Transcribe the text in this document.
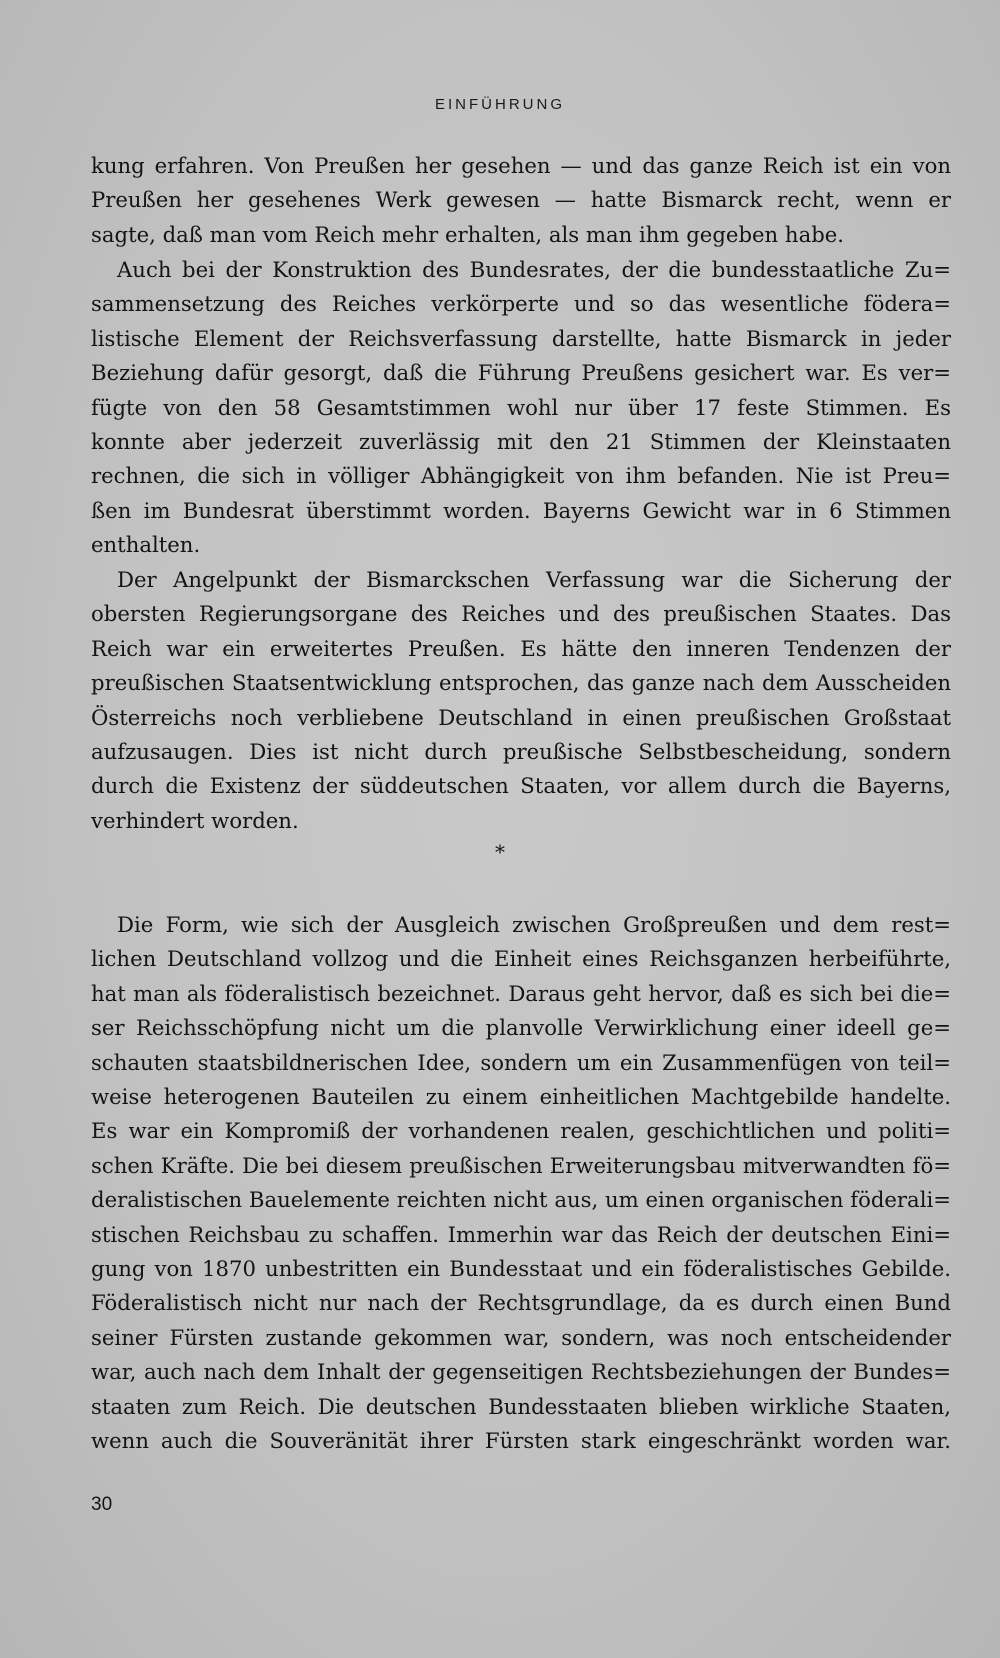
EINFÜHRUNG
kung erfahren. Von Preußen her gesehen — und das ganze Reich ist ein von
Preußen her gesehenes Werk gewesen — hatte Bismarck recht, wenn er
sagte, daß man vom Reich mehr erhalten, als man ihm gegeben habe.
Auch bei der Konstruktion des Bundesrates, der die bundesstaatliche Zu=
sammensetzung des Reiches verkörperte und so das wesentliche födera=
listische Element der Reichsverfassung darstellte, hatte Bismarck in jeder
Beziehung dafür gesorgt, daß die Führung Preußens gesichert war. Es ver=
fügte von den 58 Gesamtstimmen wohl nur über 17 feste Stimmen. Es
konnte aber jederzeit zuverlässig mit den 21 Stimmen der Kleinstaaten
rechnen, die sich in völliger Abhängigkeit von ihm befanden. Nie ist Preu=
ßen im Bundesrat überstimmt worden. Bayerns Gewicht war in 6 Stimmen
enthalten.
Der Angelpunkt der Bismarckschen Verfassung war die Sicherung der
obersten Regierungsorgane des Reiches und des preußischen Staates. Das
Reich war ein erweitertes Preußen. Es hätte den inneren Tendenzen der
preußischen Staatsentwicklung entsprochen, das ganze nach dem Ausscheiden
Österreichs noch verbliebene Deutschland in einen preußischen Großstaat
aufzusaugen. Dies ist nicht durch preußische Selbstbescheidung, sondern
durch die Existenz der süddeutschen Staaten, vor allem durch die Bayerns,
verhindert worden.
*
Die Form, wie sich der Ausgleich zwischen Großpreußen und dem rest=
lichen Deutschland vollzog und die Einheit eines Reichsganzen herbeiführte,
hat man als föderalistisch bezeichnet. Daraus geht hervor, daß es sich bei die=
ser Reichsschöpfung nicht um die planvolle Verwirklichung einer ideell ge=
schauten staatsbildnerischen Idee, sondern um ein Zusammenfügen von teil=
weise heterogenen Bauteilen zu einem einheitlichen Machtgebilde handelte.
Es war ein Kompromiß der vorhandenen realen, geschichtlichen und politi=
schen Kräfte. Die bei diesem preußischen Erweiterungsbau mitverwandten fö=
deralistischen Bauelemente reichten nicht aus, um einen organischen föderali=
stischen Reichsbau zu schaffen. Immerhin war das Reich der deutschen Eini=
gung von 1870 unbestritten ein Bundesstaat und ein föderalistisches Gebilde.
Föderalistisch nicht nur nach der Rechtsgrundlage, da es durch einen Bund
seiner Fürsten zustande gekommen war, sondern, was noch entscheidender
war, auch nach dem Inhalt der gegenseitigen Rechtsbeziehungen der Bundes=
staaten zum Reich. Die deutschen Bundesstaaten blieben wirkliche Staaten,
wenn auch die Souveränität ihrer Fürsten stark eingeschränkt worden war.
30
